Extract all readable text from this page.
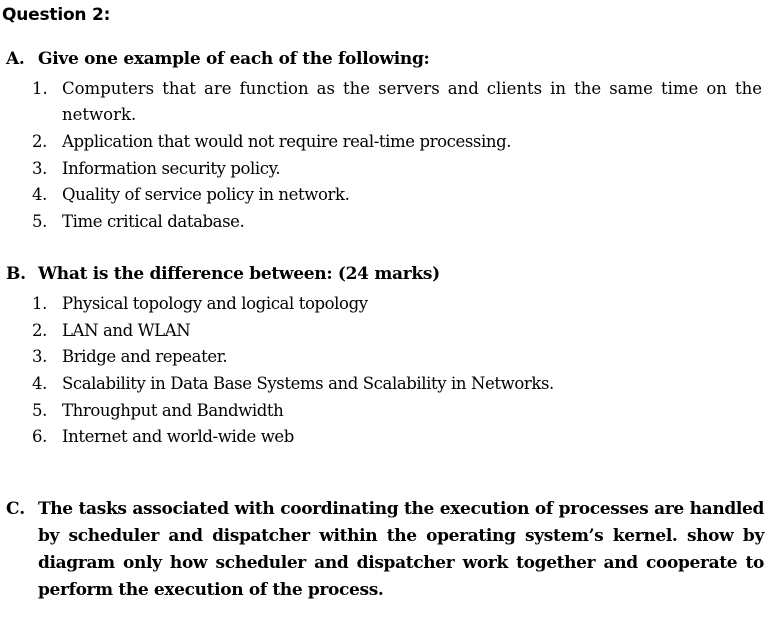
Question 2:
A. Give one example of each of the following:
1. Computers that are function as the servers and clients in the same time on the network.
2. Application that would not require real-time processing.
3. Information security policy.
4. Quality of service policy in network.
5. Time critical database.
B. What is the difference between: (24 marks)
1. Physical topology and logical topology
2. LAN and WLAN
3. Bridge and repeater.
4. Scalability in Data Base Systems and Scalability in Networks.
5. Throughput and Bandwidth
6. Internet and world-wide web
C. The tasks associated with coordinating the execution of processes are handled by scheduler and dispatcher within the operating system’s kernel. show by diagram only how scheduler and dispatcher work together and cooperate to perform the execution of the process.
